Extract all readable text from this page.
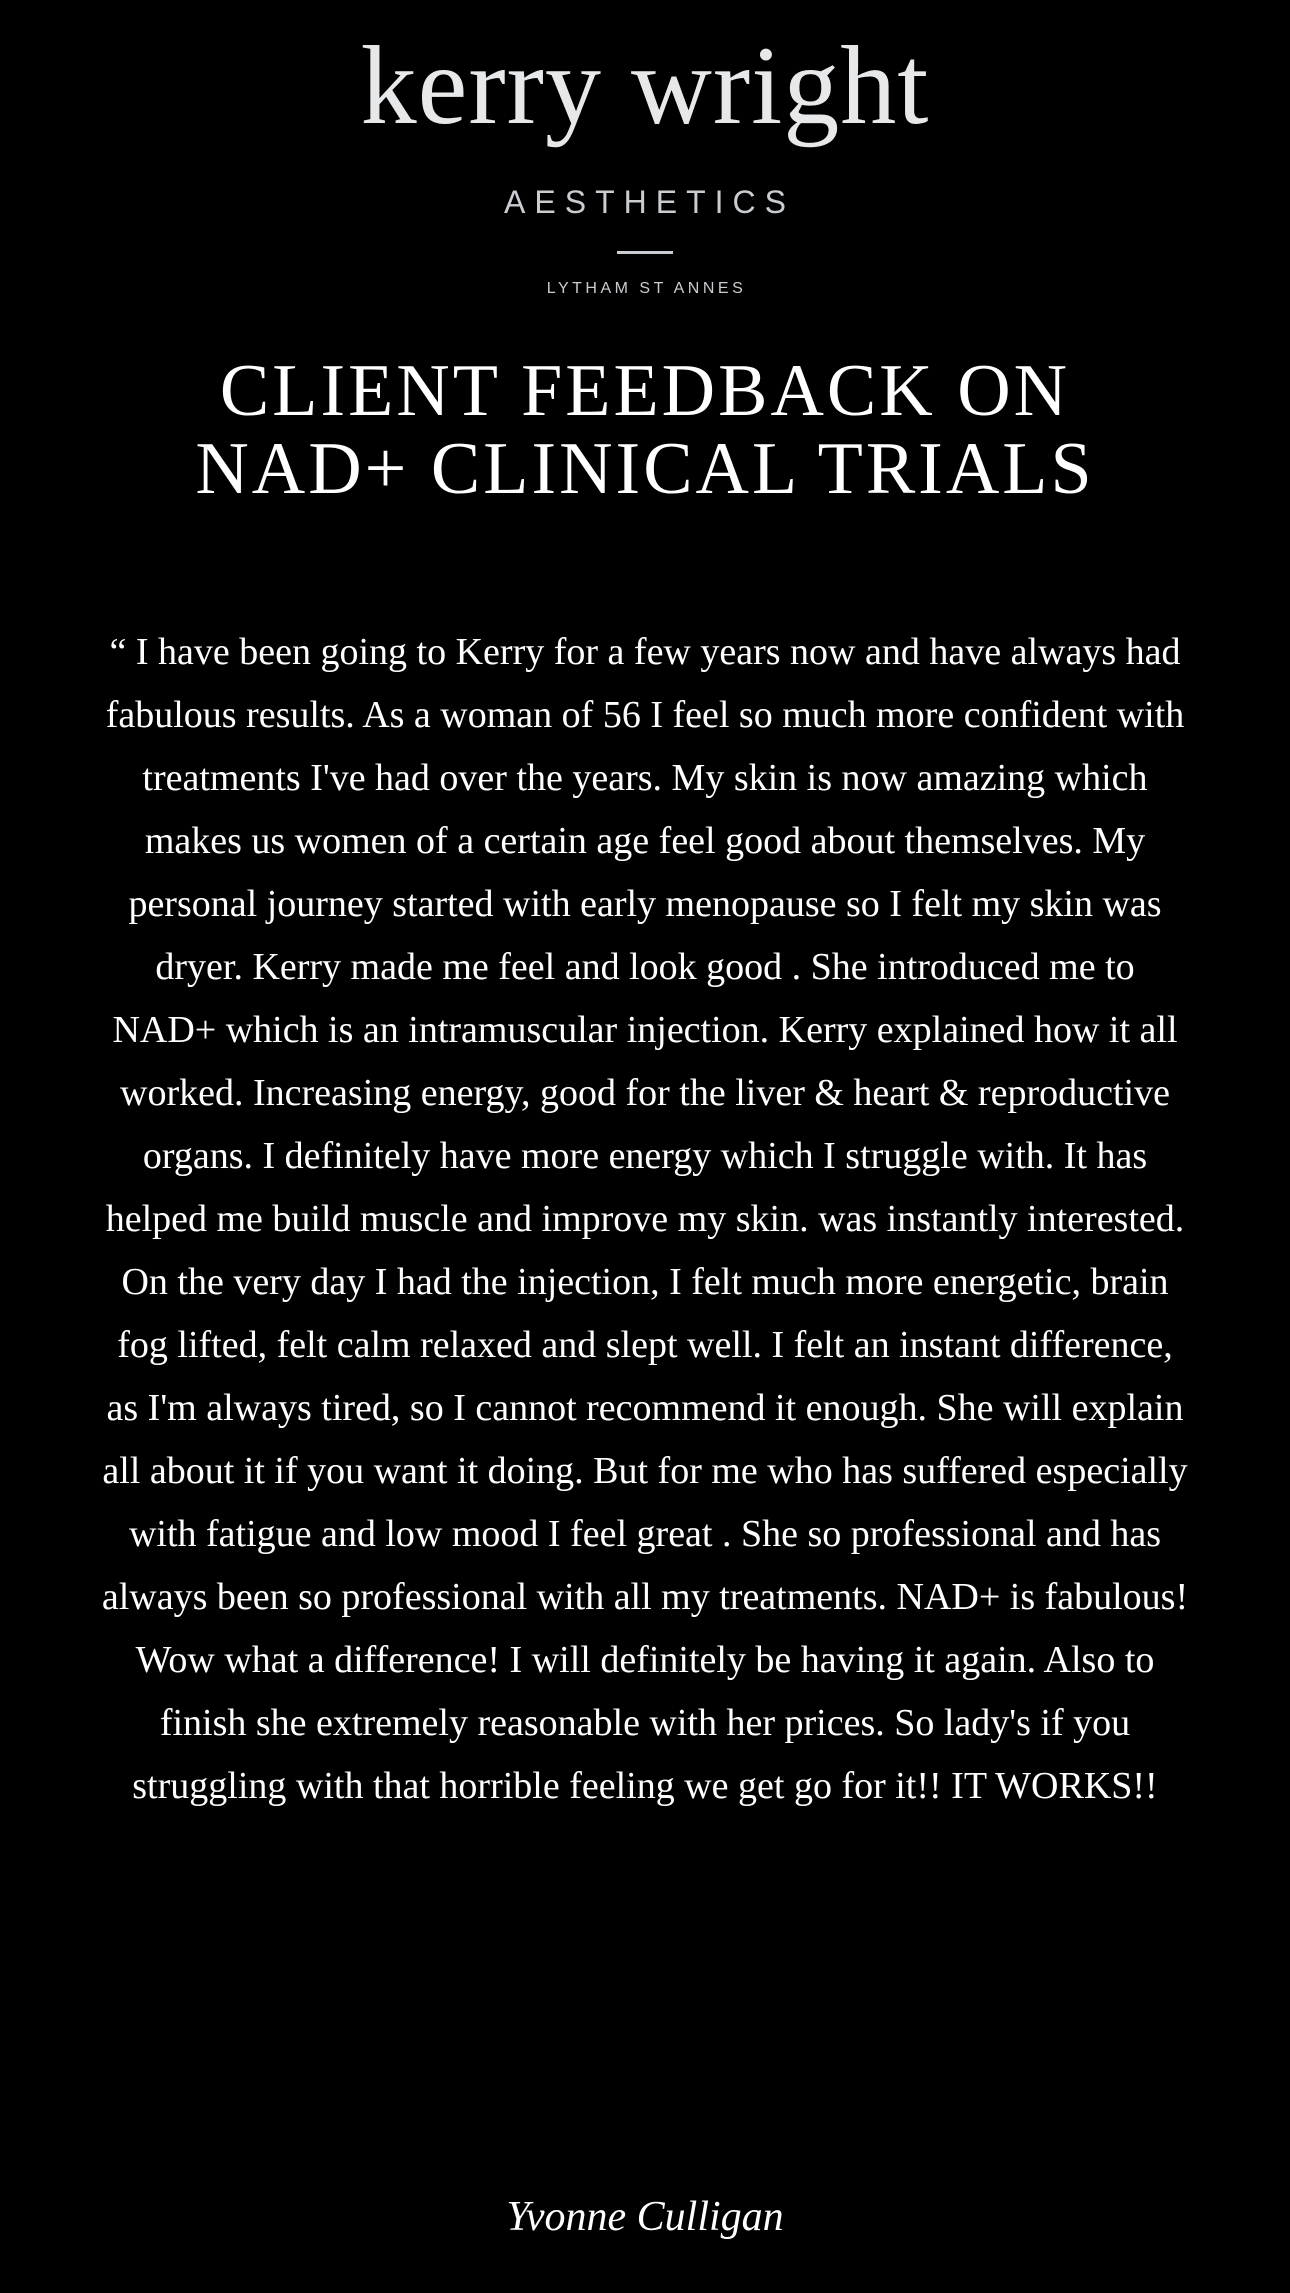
kerry wright
AESTHETICS
LYTHAM ST ANNES
CLIENT FEEDBACK ON
NAD+ CLINICAL TRIALS

“ I have been going to Kerry for a few years now and have always had fabulous results. As a woman of 56 I feel so much more confident with treatments I've had over the years. My skin is now amazing which makes us women of a certain age feel good about themselves. My personal journey started with early menopause so I felt my skin was dryer. Kerry made me feel and look good . She introduced me to NAD+ which is an intramuscular injection. Kerry explained how it all worked. Increasing energy, good for the liver & heart & reproductive organs. I definitely have more energy which I struggle with. It has helped me build muscle and improve my skin. was instantly interested. On the very day I had the injection, I felt much more energetic, brain fog lifted, felt calm relaxed and slept well. I felt an instant difference, as I'm always tired, so I cannot recommend it enough. She will explain all about it if you want it doing. But for me who has suffered especially with fatigue and low mood I feel great . She so professional and has always been so professional with all my treatments. NAD+ is fabulous! Wow what a difference! I will definitely be having it again. Also to finish she extremely reasonable with her prices. So lady's if you struggling with that horrible feeling we get go for it!! IT WORKS!!

Yvonne Culligan
